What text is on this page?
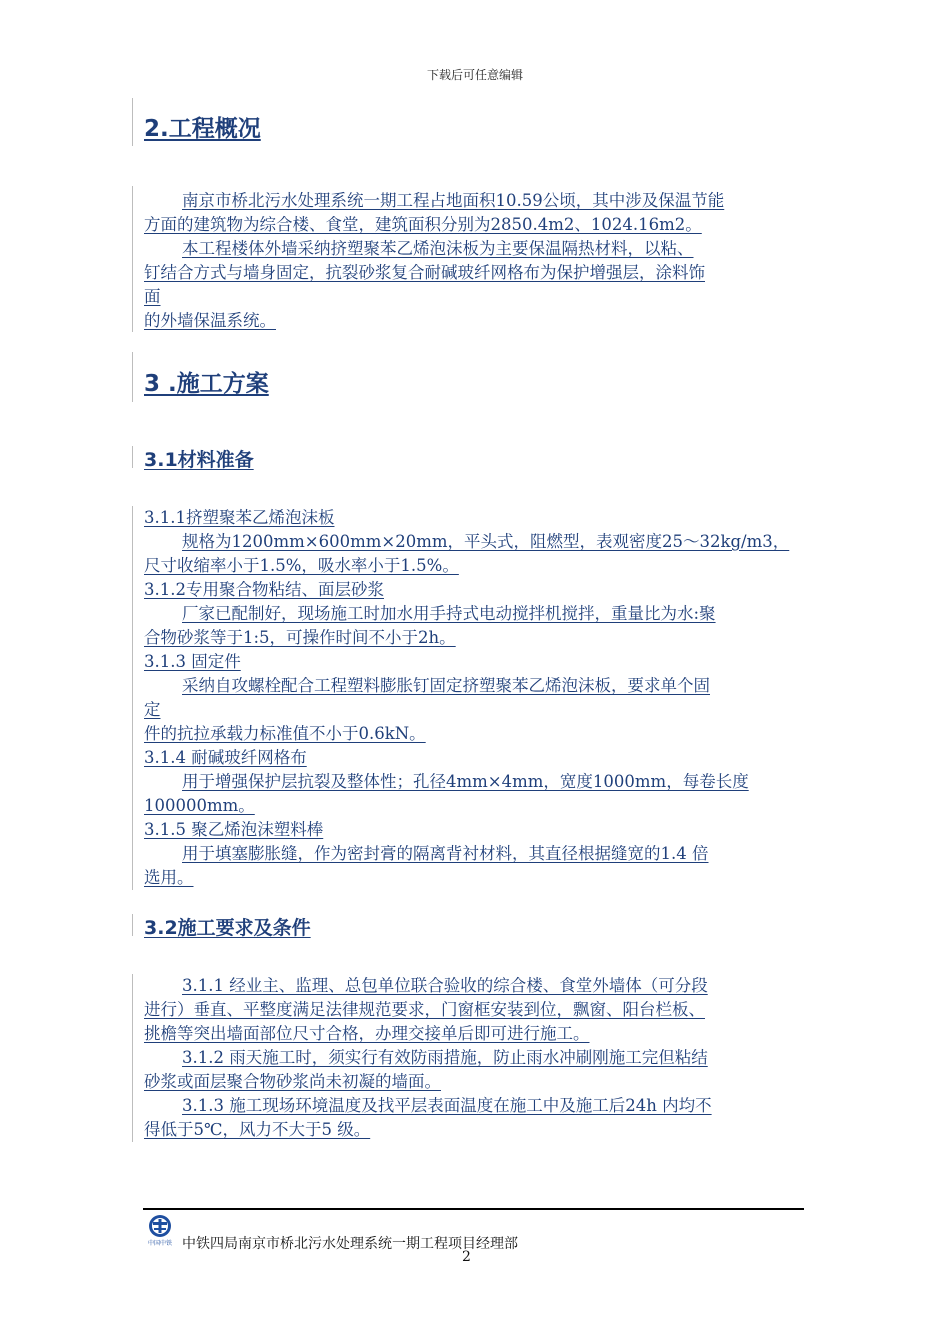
下载后可任意编辑
2.工程概况
南京市桥北污水处理系统一期工程占地面积10.59公顷，其中涉及保温节能
方面的建筑物为综合楼、食堂，建筑面积分别为2850.4m2、1024.16m2。
本工程楼体外墙采纳挤塑聚苯乙烯泡沫板为主要保温隔热材料，以粘、
钉结合方式与墙身固定，抗裂砂浆复合耐碱玻纤网格布为保护增强层，涂料饰
面
的外墙保温系统。
3 .施工方案
3.1材料准备
3.1.1挤塑聚苯乙烯泡沫板
规格为1200mm×600mm×20mm，平头式，阻燃型，表观密度25～32kg/m3，
尺寸收缩率小于1.5%，吸水率小于1.5%。
3.1.2专用聚合物粘结、面层砂浆
厂家已配制好，现场施工时加水用手持式电动搅拌机搅拌，重量比为水:聚
合物砂浆等于1:5，可操作时间不小于2h。
3.1.3 固定件
采纳自攻螺栓配合工程塑料膨胀钉固定挤塑聚苯乙烯泡沫板，要求单个固
定
件的抗拉承载力标准值不小于0.6kN。
3.1.4 耐碱玻纤网格布
用于增强保护层抗裂及整体性；孔径4mm×4mm，宽度1000mm，每卷长度
100000mm。
3.1.5 聚乙烯泡沫塑料棒
用于填塞膨胀缝，作为密封膏的隔离背衬材料，其直径根据缝宽的1.4 倍
选用。
3.2施工要求及条件
3.1.1 经业主、监理、总包单位联合验收的综合楼、食堂外墙体（可分段
进行）垂直、平整度满足法律规范要求，门窗框安装到位，飘窗、阳台栏板、
挑檐等突出墙面部位尺寸合格，办理交接单后即可进行施工。
3.1.2 雨天施工时，须实行有效防雨措施，防止雨水冲刷刚施工完但粘结
砂浆或面层聚合物砂浆尚未初凝的墙面。
3.1.3 施工现场环境温度及找平层表面温度在施工中及施工后24h 内均不
得低于5℃，风力不大于5 级。
中国中铁 中铁四局南京市桥北污水处理系统一期工程项目经理部
2
